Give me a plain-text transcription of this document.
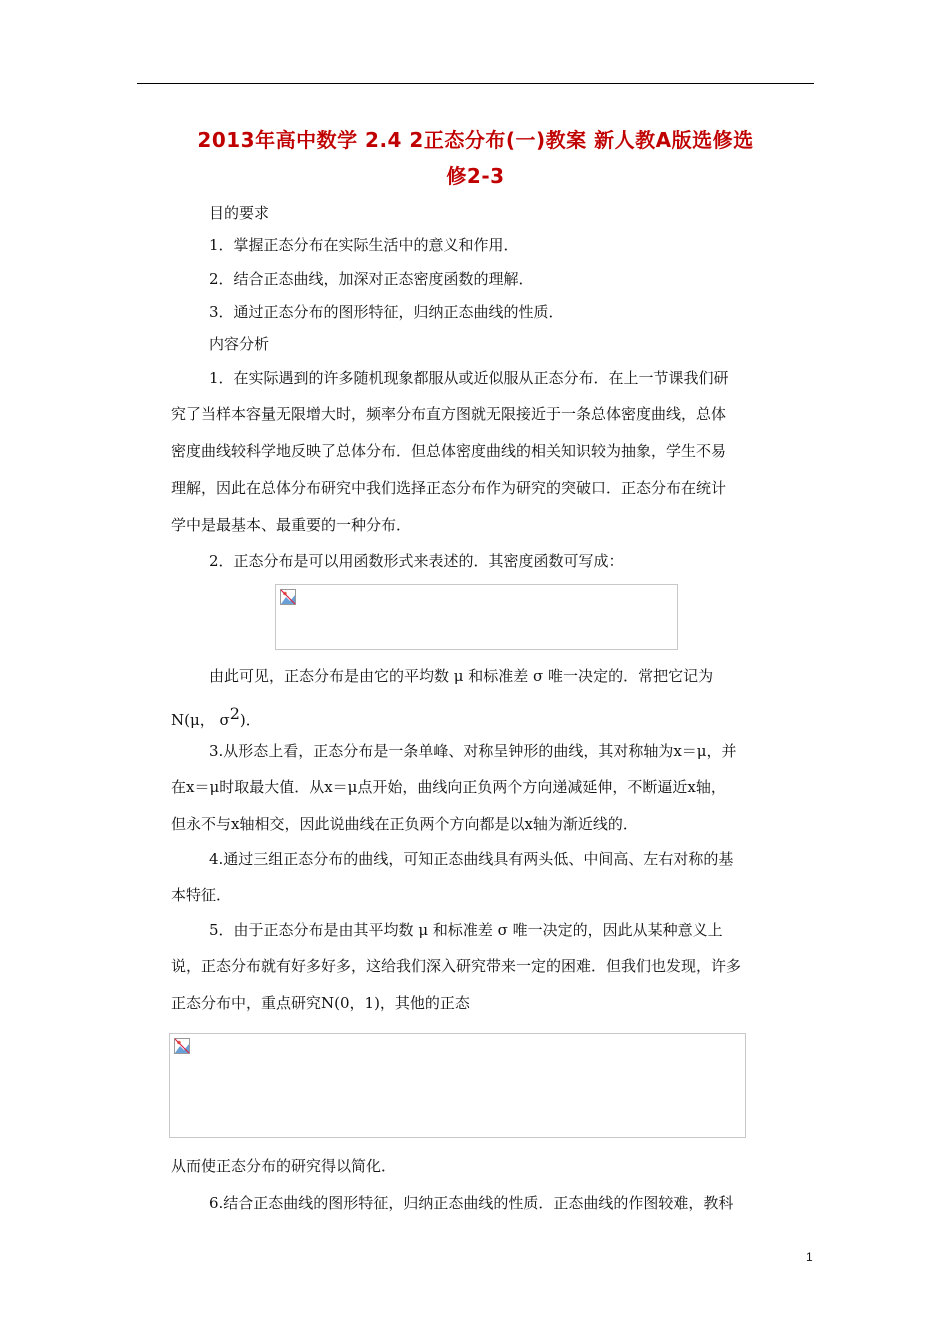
2013年高中数学 2.4 2正态分布(一)教案 新人教A版选修选
修2-3
目的要求
1．掌握正态分布在实际生活中的意义和作用．
2．结合正态曲线，加深对正态密度函数的理解．
3．通过正态分布的图形特征，归纳正态曲线的性质．
内容分析
1．在实际遇到的许多随机现象都服从或近似服从正态分布．在上一节课我们研
究了当样本容量无限增大时，频率分布直方图就无限接近于一条总体密度曲线，总体
密度曲线较科学地反映了总体分布．但总体密度曲线的相关知识较为抽象，学生不易
理解，因此在总体分布研究中我们选择正态分布作为研究的突破口．正态分布在统计
学中是最基本、最重要的一种分布．
2．正态分布是可以用函数形式来表述的．其密度函数可写成：
由此可见，正态分布是由它的平均数 μ 和标准差 σ 唯一决定的．常把它记为
N(μ， σ2)．
3.从形态上看，正态分布是一条单峰、对称呈钟形的曲线，其对称轴为x＝μ，并
在x＝μ时取最大值．从x＝μ点开始，曲线向正负两个方向递减延伸，不断逼近x轴，
但永不与x轴相交，因此说曲线在正负两个方向都是以x轴为渐近线的．
4.通过三组正态分布的曲线，可知正态曲线具有两头低、中间高、左右对称的基
本特征．
5．由于正态分布是由其平均数 μ 和标准差 σ 唯一决定的，因此从某种意义上
说，正态分布就有好多好多，这给我们深入研究带来一定的困难．但我们也发现，许多
正态分布中，重点研究N(0，1)，其他的正态
从而使正态分布的研究得以简化．
6.结合正态曲线的图形特征，归纳正态曲线的性质．正态曲线的作图较难，教科
1
